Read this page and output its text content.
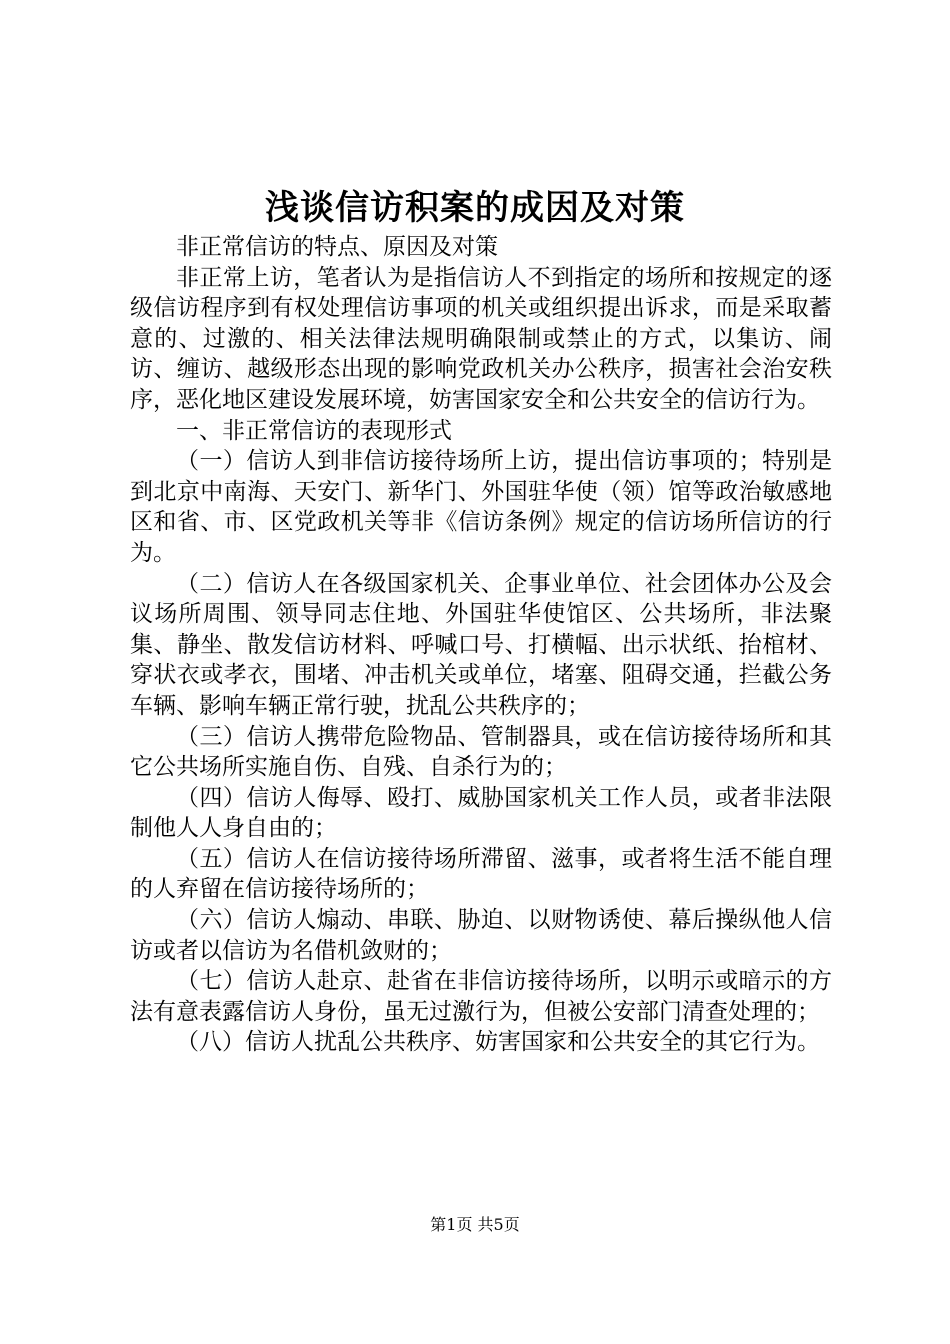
浅谈信访积案的成因及对策

非正常信访的特点、原因及对策

非正常上访，笔者认为是指信访人不到指定的场所和按规定的逐级信访程序到有权处理信访事项的机关或组织提出诉求，而是采取蓄意的、过激的、相关法律法规明确限制或禁止的方式，以集访、闹访、缠访、越级形态出现的影响党政机关办公秩序，损害社会治安秩序，恶化地区建设发展环境，妨害国家安全和公共安全的信访行为。

一、非正常信访的表现形式

（一）信访人到非信访接待场所上访，提出信访事项的；特别是到北京中南海、天安门、新华门、外国驻华使（领）馆等政治敏感地区和省、市、区党政机关等非《信访条例》规定的信访场所信访的行为。

（二）信访人在各级国家机关、企事业单位、社会团体办公及会议场所周围、领导同志住地、外国驻华使馆区、公共场所，非法聚集、静坐、散发信访材料、呼喊口号、打横幅、出示状纸、抬棺材、穿状衣或孝衣，围堵、冲击机关或单位，堵塞、阻碍交通，拦截公务车辆、影响车辆正常行驶，扰乱公共秩序的；

（三）信访人携带危险物品、管制器具，或在信访接待场所和其它公共场所实施自伤、自残、自杀行为的；

（四）信访人侮辱、殴打、威胁国家机关工作人员，或者非法限制他人人身自由的；

（五）信访人在信访接待场所滞留、滋事，或者将生活不能自理的人弃留在信访接待场所的；

（六）信访人煽动、串联、胁迫、以财物诱使、幕后操纵他人信访或者以信访为名借机敛财的；

（七）信访人赴京、赴省在非信访接待场所，以明示或暗示的方法有意表露信访人身份，虽无过激行为，但被公安部门清查处理的；

（八）信访人扰乱公共秩序、妨害国家和公共安全的其它行为。

第1页 共5页
